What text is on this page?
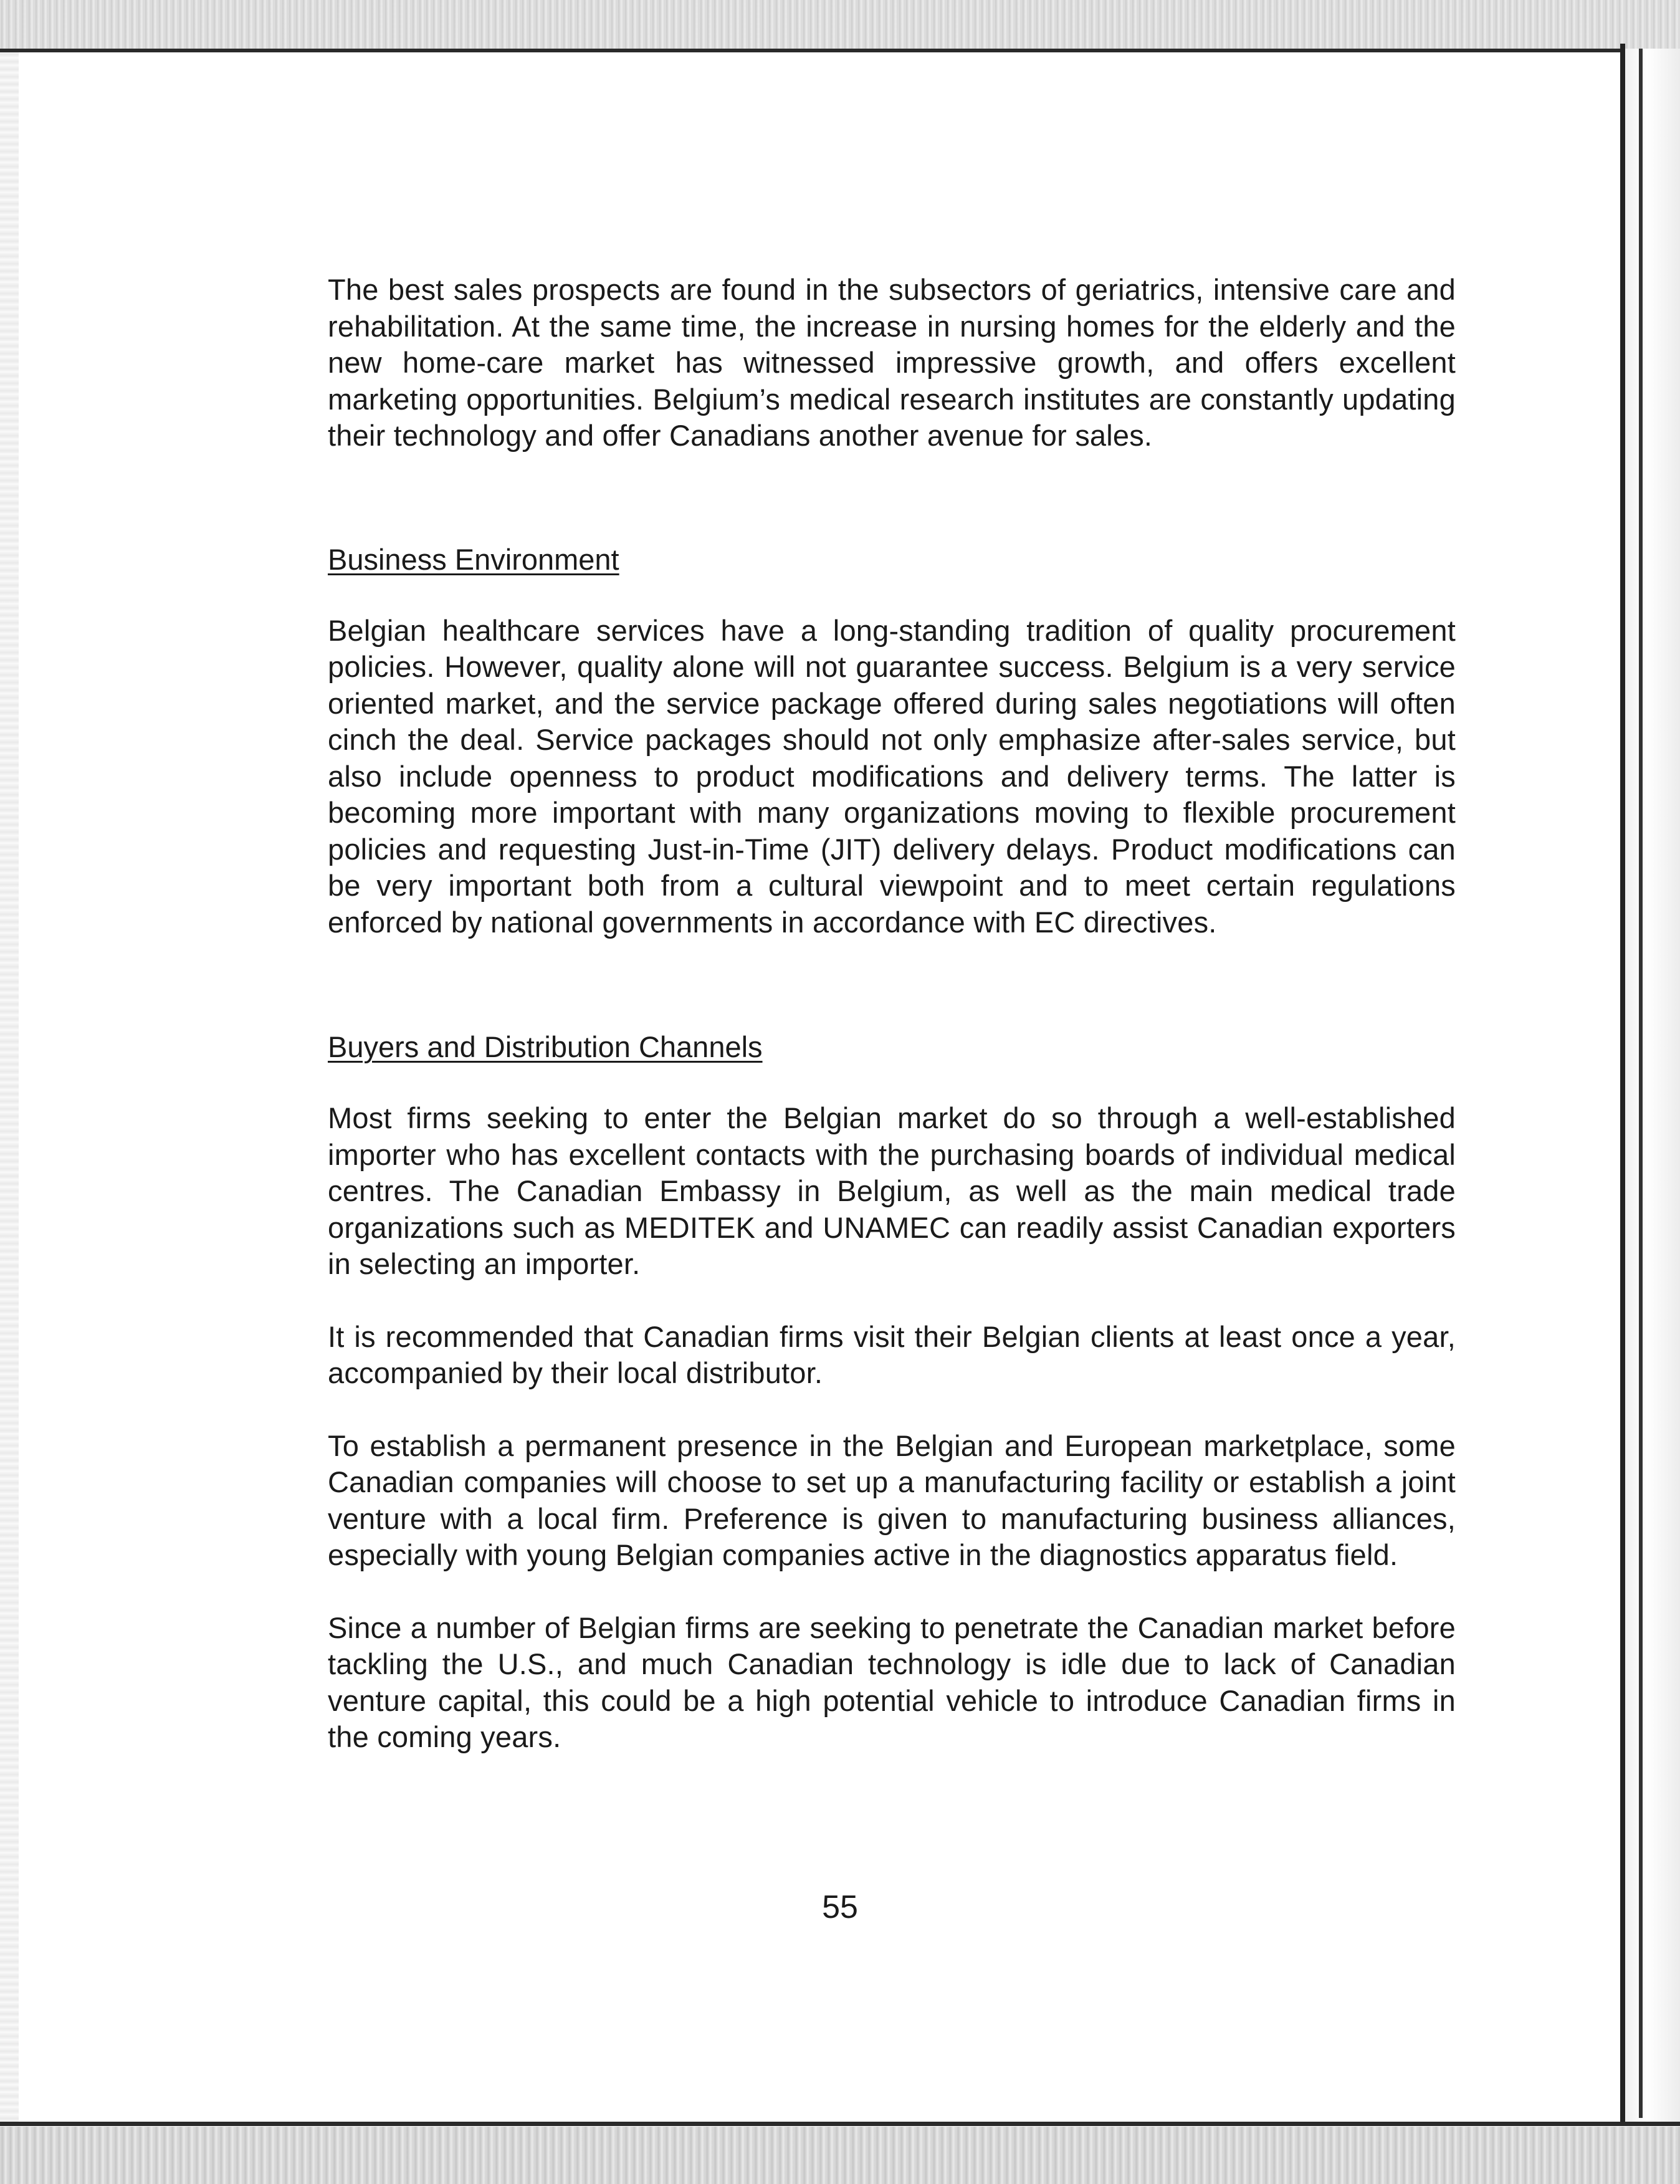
The best sales prospects are found in the subsectors of geriatrics, intensive care and rehabilitation. At the same time, the increase in nursing homes for the elderly and the new home-care market has witnessed impressive growth, and offers excellent marketing opportunities. Belgium’s medical research institutes are constantly updating their technology and offer Canadians another avenue for sales.

Business Environment

Belgian healthcare services have a long-standing tradition of quality procurement policies. However, quality alone will not guarantee success. Belgium is a very service oriented market, and the service package offered during sales negotiations will often cinch the deal. Service packages should not only emphasize after-sales service, but also include openness to product modifications and delivery terms. The latter is becoming more important with many organizations moving to flexible procurement policies and requesting Just-in-Time (JIT) delivery delays. Product modifications can be very important both from a cultural viewpoint and to meet certain regulations enforced by national governments in accordance with EC directives.

Buyers and Distribution Channels

Most firms seeking to enter the Belgian market do so through a well-established importer who has excellent contacts with the purchasing boards of individual medical centres. The Canadian Embassy in Belgium, as well as the main medical trade organizations such as MEDITEK and UNAMEC can readily assist Canadian exporters in selecting an importer.

It is recommended that Canadian firms visit their Belgian clients at least once a year, accompanied by their local distributor.

To establish a permanent presence in the Belgian and European marketplace, some Canadian companies will choose to set up a manufacturing facility or establish a joint venture with a local firm. Preference is given to manufacturing business alliances, especially with young Belgian companies active in the diagnostics apparatus field.

Since a number of Belgian firms are seeking to penetrate the Canadian market before tackling the U.S., and much Canadian technology is idle due to lack of Canadian venture capital, this could be a high potential vehicle to introduce Canadian firms in the coming years.

55
